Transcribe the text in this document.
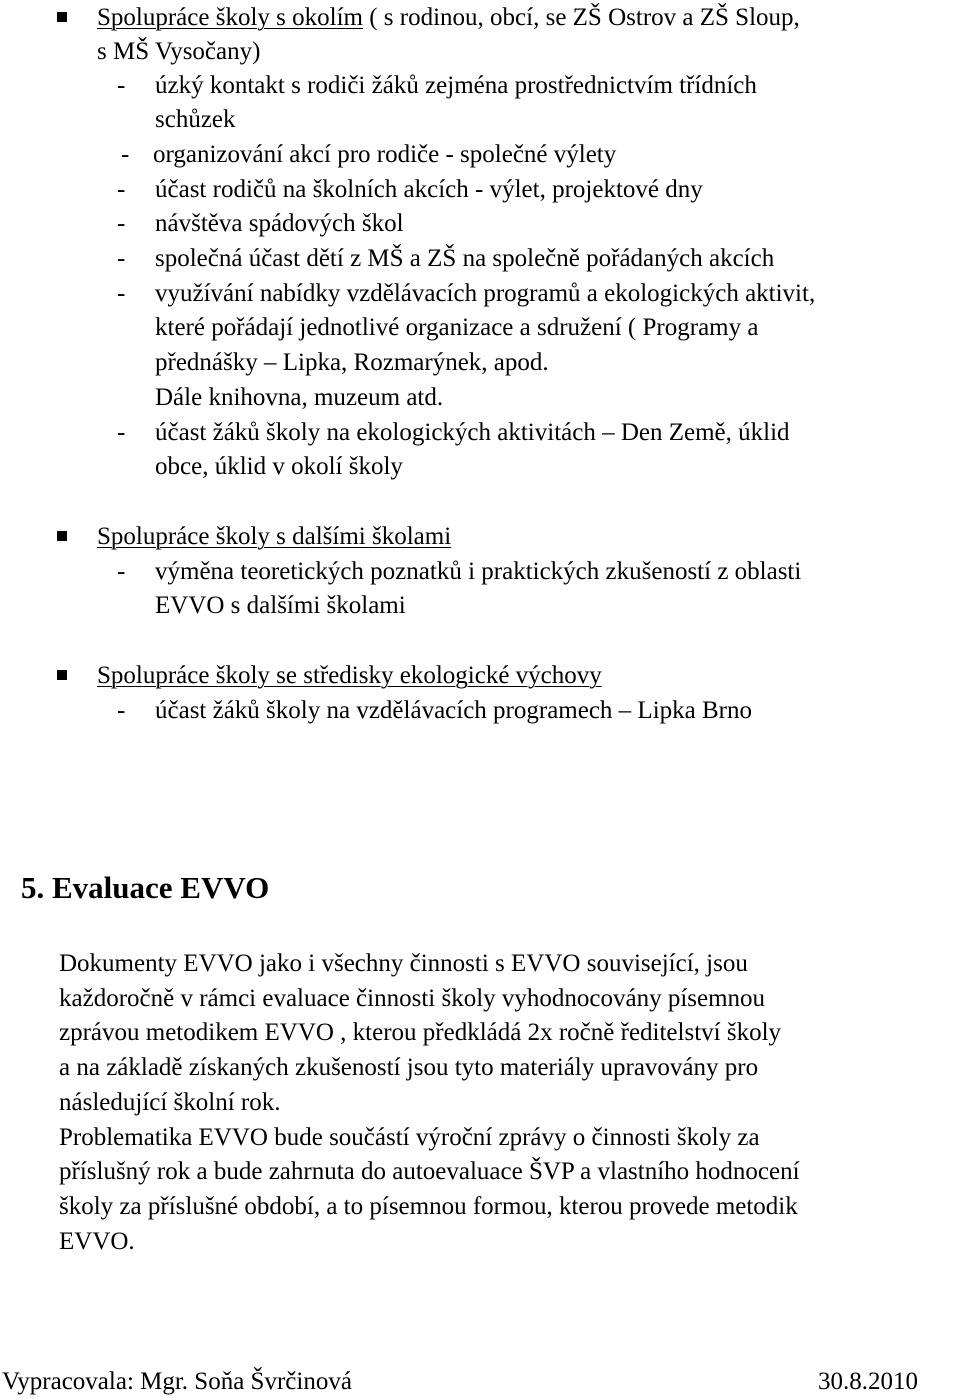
Spolupráce školy s okolím ( s rodinou, obcí, se ZŠ Ostrov a ZŠ Sloup,
s MŠ Vysočany)
- úzký kontakt s rodiči žáků zejména prostřednictvím třídních
schůzek
- organizování akcí pro rodiče - společné výlety
- účast rodičů na školních akcích - výlet, projektové dny
- návštěva spádových škol
- společná účast dětí z MŠ a ZŠ na společně pořádaných akcích
- využívání nabídky vzdělávacích programů a ekologických aktivit,
které pořádají jednotlivé organizace a sdružení ( Programy a
přednášky – Lipka, Rozmarýnek, apod.
Dále knihovna, muzeum atd.
- účast žáků školy na ekologických aktivitách – Den Země, úklid
obce, úklid v okolí školy
Spolupráce školy s dalšími školami
- výměna teoretických poznatků i praktických zkušeností z oblasti
EVVO s dalšími školami
Spolupráce školy se středisky ekologické výchovy
- účast žáků školy na vzdělávacích programech – Lipka Brno
5. Evaluace EVVO
Dokumenty EVVO jako i všechny činnosti s EVVO související, jsou
každoročně v rámci evaluace činnosti školy vyhodnocovány písemnou
zprávou metodikem EVVO , kterou předkládá 2x ročně ředitelství školy
a na základě získaných zkušeností jsou tyto materiály upravovány pro
následující školní rok.
Problematika EVVO bude součástí výroční zprávy o činnosti školy za
příslušný rok a bude zahrnuta do autoevaluace ŠVP a vlastního hodnocení
školy za příslušné období, a to písemnou formou, kterou provede metodik
EVVO.
Vypracovala: Mgr. Soňa Švrčinová	30.8.2010
